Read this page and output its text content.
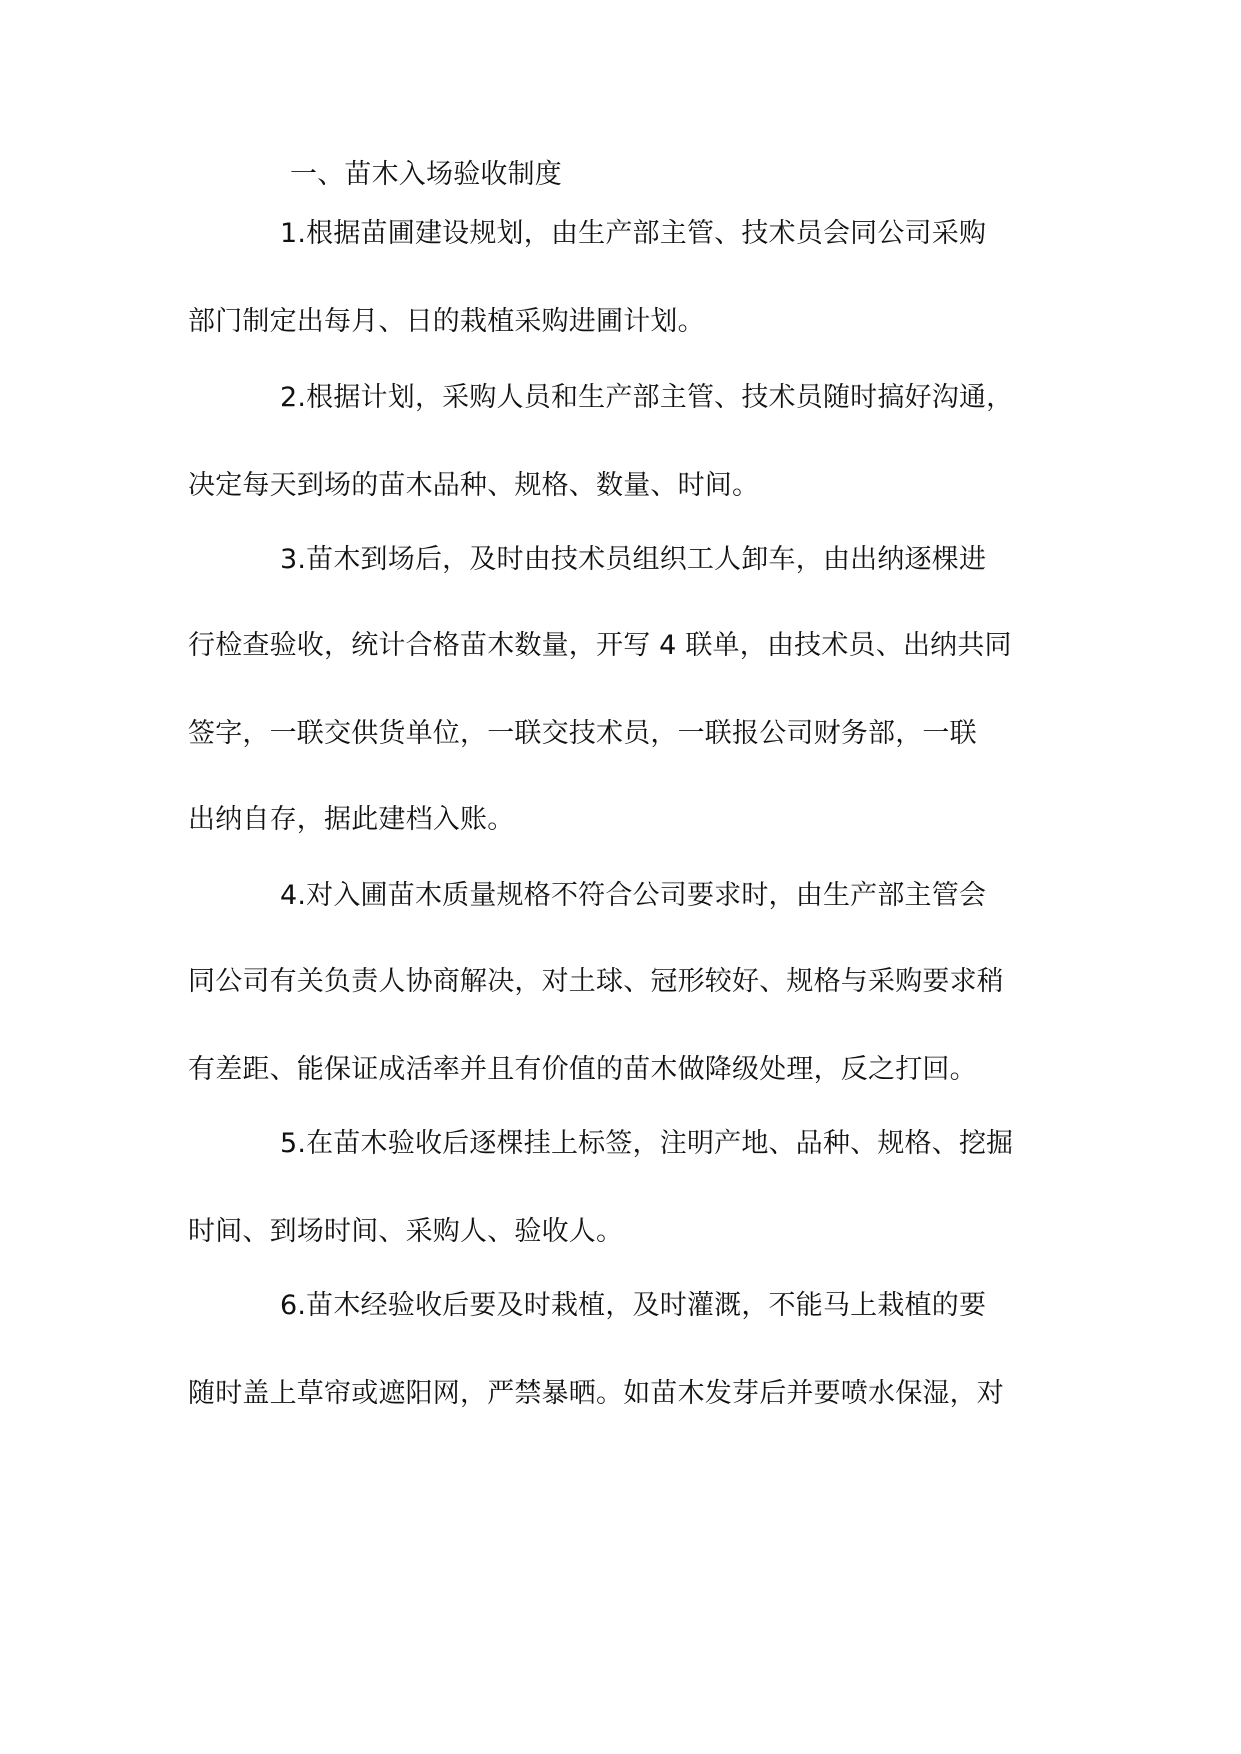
一、苗木入场验收制度
1.根据苗圃建设规划，由生产部主管、技术员会同公司采购
部门制定出每月、日的栽植采购进圃计划。
2.根据计划，采购人员和生产部主管、技术员随时搞好沟通，
决定每天到场的苗木品种、规格、数量、时间。
3.苗木到场后，及时由技术员组织工人卸车，由出纳逐棵进
行检查验收，统计合格苗木数量，开写 4 联单，由技术员、出纳共同
签字，一联交供货单位，一联交技术员，一联报公司财务部，一联
出纳自存，据此建档入账。
4.对入圃苗木质量规格不符合公司要求时，由生产部主管会
同公司有关负责人协商解决，对土球、冠形较好、规格与采购要求稍
有差距、能保证成活率并且有价值的苗木做降级处理，反之打回。
5.在苗木验收后逐棵挂上标签，注明产地、品种、规格、挖掘
时间、到场时间、采购人、验收人。
6.苗木经验收后要及时栽植，及时灌溉，不能马上栽植的要
随时盖上草帘或遮阳网，严禁暴晒。如苗木发芽后并要喷水保湿，对
